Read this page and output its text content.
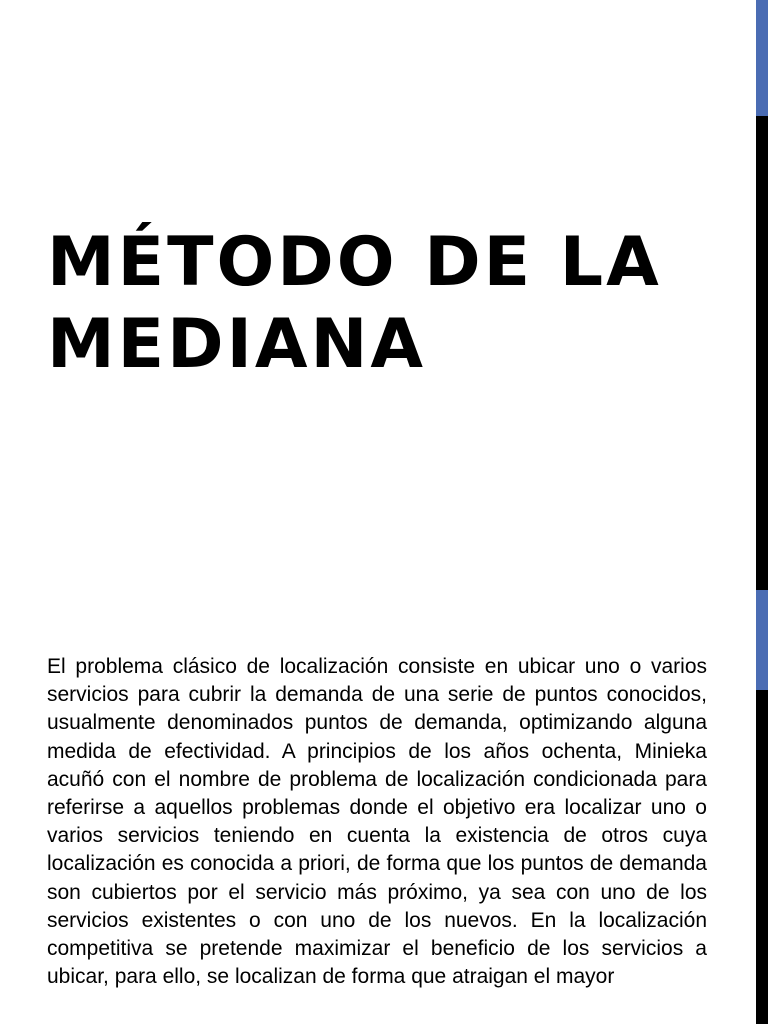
MÉTODO DE LA MEDIANA

El problema clásico de localización consiste en ubicar uno o varios servicios para cubrir la demanda de una serie de puntos conocidos, usualmente denominados puntos de demanda, optimizando alguna medida de efectividad. A principios de los años ochenta, Minieka acuñó con el nombre de problema de localización condicionada para referirse a aquellos problemas donde el objetivo era localizar uno o varios servicios teniendo en cuenta la existencia de otros cuya localización es conocida a priori, de forma que los puntos de demanda son cubiertos por el servicio más próximo, ya sea con uno de los servicios existentes o con uno de los nuevos. En la localización competitiva se pretende maximizar el beneficio de los servicios a ubicar, para ello, se localizan de forma que atraigan el mayor
